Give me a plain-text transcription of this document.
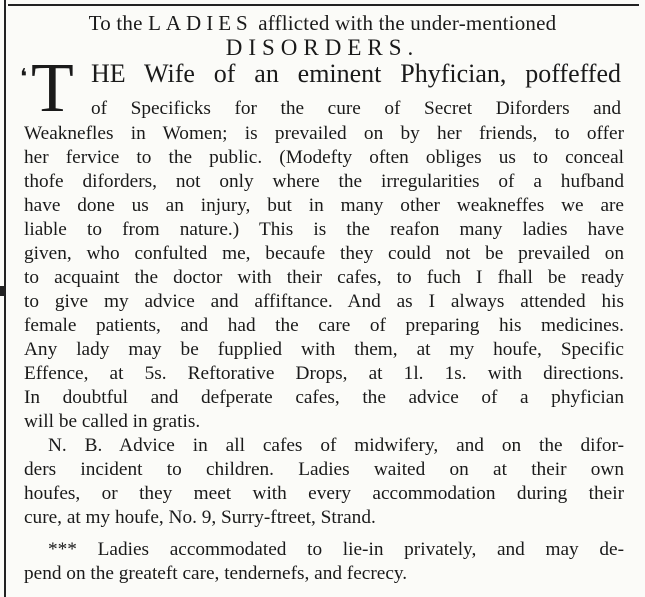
To the LADIES afflicted with the under-mentioned
DISORDERS.
❛ T HE Wife of an eminent Phyfician, poffeffed
of Specificks for the cure of Secret Diforders and
Weaknefles in Women; is prevailed on by her friends, to offer
her fervice to the public. (Modefty often obliges us to conceal
thofe diforders, not only where the irregularities of a hufband
have done us an injury, but in many other weakneffes we are
liable to from nature.) This is the reafon many ladies have
given, who confulted me, becaufe they could not be prevailed on
to acquaint the doctor with their cafes, to fuch I fhall be ready
to give my advice and affiftance. And as I always attended his
female patients, and had the care of preparing his medicines.
Any lady may be fupplied with them, at my houfe, Specific
Effence, at 5s. Reftorative Drops, at 1l. 1s. with directions.
In doubtful and defperate cafes, the advice of a phyfician
will be called in gratis.
N. B. Advice in all cafes of midwifery, and on the difor-
ders incident to children. Ladies waited on at their own
houfes, or they meet with every accommodation during their
cure, at my houfe, No. 9, Surry-ftreet, Strand.
*** Ladies accommodated to lie-in privately, and may de-
pend on the greateft care, tendernefs, and fecrecy.
